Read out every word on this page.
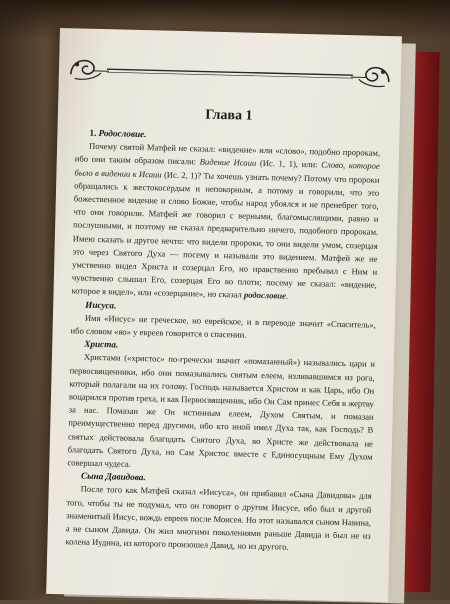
Глава 1

1. Родословие.

Почему святой Матфей не сказал: «видение» или «слово», подобно пророкам, ибо они таким образом писали: Видение Исаии (Ис. 1, 1), или: Слово, которое было в видении к Исаии (Ис. 2, 1)? Ты хочешь узнать почему? Потому что пророки обращались к жестокосердым и непокорным, а потому и говорили, что это божественное видение и слово Божие, чтобы народ убоялся и не пренебрег того, что они говорили. Матфей же говорил с верными, благомыслящими, равно и послушными, и поэтому не сказал предварительно ничего, подобного пророкам. Имею сказать и другое нечто: что видели пророки, то они видели умом, созерцая это через Святого Духа — посему и называли это видением. Матфей же не умственно видел Христа и созерцал Его, но нравственно пребывал с Ним и чувственно слышал Его, созерцая Его во плоти; посему не сказал: «видение, которое я видел», или «созерцание», но сказал родословие.

Иисуса.

Имя «Иисус» не греческое, но еврейское, и в переводе значит «Спаситель», ибо словом «яо» у евреев говорится о спасении.

Христа.

Христами («христос» по-гречески значит «помазанный») назывались цари и первосвященники, ибо они помазывались святым елеем, изливавшимся из рога, который полагали на их голову. Господь называется Христом и как Царь, ибо Он воцарился против греха, и как Первосвященник, ибо Он Сам принес Себя в жертву за нас. Помазан же Он истинным елеем, Духом Святым, и помазан преимущественно перед другими, ибо кто иной имел Духа так, как Господь? В святых действовала благодать Святого Духа, во Христе же действовала не благодать Святого Духа, но Сам Христос вместе с Единосущным Ему Духом совершал чудеса.

Сына Давидова.

После того как Матфей сказал «Иисуса», он прибавил «Сына Давидова» для того, чтобы ты не подумал, что он говорит о другом Иисусе, ибо был и другой знаменитый Иисус, вождь евреев после Моисея. Но этот назывался сыном Навина, а не сыном Давида. Он жил многими поколениями раньше Давида и был не из колена Иудина, из которого произошел Давид, но из другого.
